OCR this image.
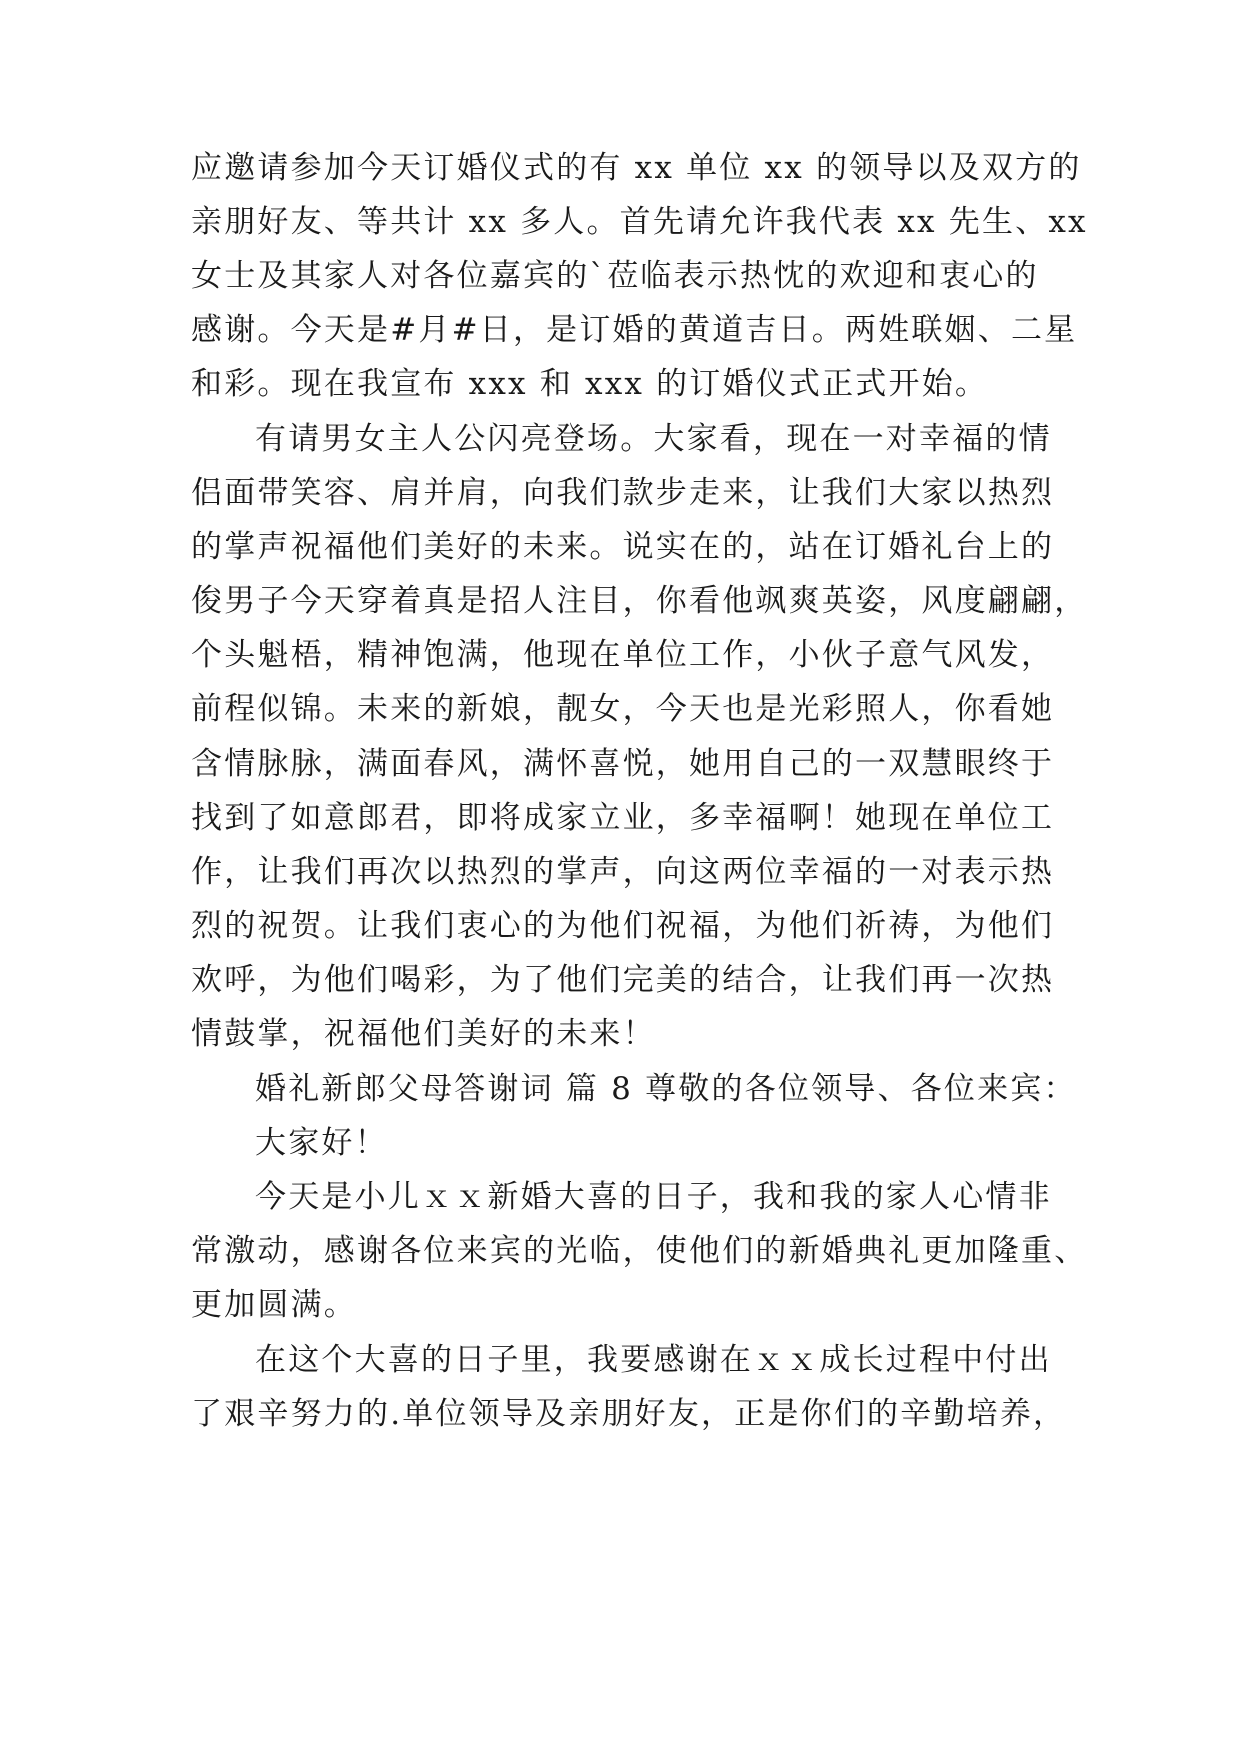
应邀请参加今天订婚仪式的有 xx 单位 xx 的领导以及双方的
亲朋好友、等共计 xx 多人。首先请允许我代表 xx 先生、xx
女士及其家人对各位嘉宾的`莅临表示热忱的欢迎和衷心的
感谢。今天是#月#日，是订婚的黄道吉日。两姓联姻、二星
和彩。现在我宣布 xxx 和 xxx 的订婚仪式正式开始。
有请男女主人公闪亮登场。大家看，现在一对幸福的情
侣面带笑容、肩并肩，向我们款步走来，让我们大家以热烈
的掌声祝福他们美好的未来。说实在的，站在订婚礼台上的
俊男子今天穿着真是招人注目，你看他飒爽英姿，风度翩翩，
个头魁梧，精神饱满，他现在单位工作，小伙子意气风发，
前程似锦。未来的新娘，靓女，今天也是光彩照人，你看她
含情脉脉，满面春风，满怀喜悦，她用自己的一双慧眼终于
找到了如意郎君，即将成家立业，多幸福啊！她现在单位工
作，让我们再次以热烈的掌声，向这两位幸福的一对表示热
烈的祝贺。让我们衷心的为他们祝福，为他们祈祷，为他们
欢呼，为他们喝彩，为了他们完美的结合，让我们再一次热
情鼓掌，祝福他们美好的未来！
婚礼新郎父母答谢词 篇 8 尊敬的各位领导、各位来宾：
大家好！
今天是小儿ｘｘ新婚大喜的日子，我和我的家人心情非
常激动，感谢各位来宾的光临，使他们的新婚典礼更加隆重、
更加圆满。
在这个大喜的日子里，我要感谢在ｘｘ成长过程中付出
了艰辛努力的.单位领导及亲朋好友，正是你们的辛勤培养，
